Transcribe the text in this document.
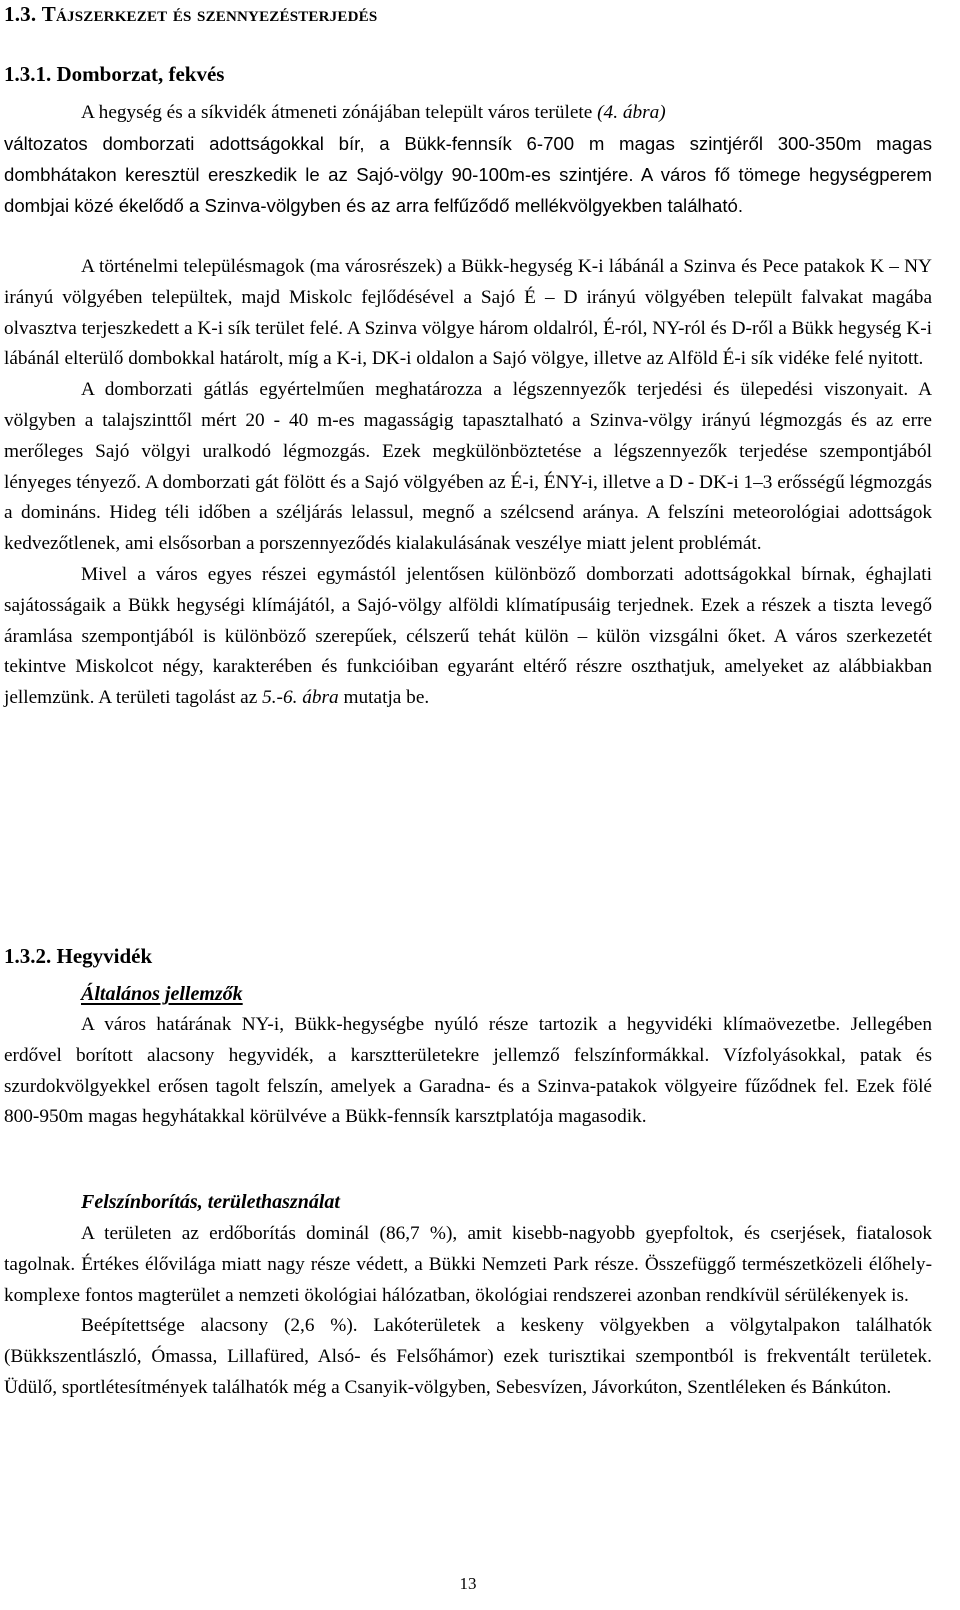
1.3. Tájszerkezet és szennyezésterjedés
1.3.1. Domborzat, fekvés

A hegység és a síkvidék átmeneti zónájában települt város területe (4. ábra)

változatos domborzati adottságokkal bír, a Bükk-fennsík 6-700 m magas szintjéről 300-350m magas dombhátakon keresztül ereszkedik le az Sajó-völgy 90-100m-es szintjére. A város fő tömege hegységperem dombjai közé ékelődő a Szinva-völgyben és az arra felfűződő mellékvölgyekben található.

A történelmi településmagok (ma városrészek) a Bükk-hegység K-i lábánál a Szinva és Pece patakok K – NY irányú völgyében települtek, majd Miskolc fejlődésével a Sajó É – D irányú völgyében települt falvakat magába olvasztva terjeszkedett a K-i sík terület felé. A Szinva völgye három oldalról, É-ról, NY-ról és D-ről a Bükk hegység K-i lábánál elterülő dombokkal határolt, míg a K-i, DK-i oldalon a Sajó völgye, illetve az Alföld É-i sík vidéke felé nyitott.

A domborzati gátlás egyértelműen meghatározza a légszennyezők terjedési és ülepedési viszonyait. A völgyben a talajszinttől mért 20 - 40 m-es magasságig tapasztalható a Szinva-völgy irányú légmozgás és az erre merőleges Sajó völgyi uralkodó légmozgás. Ezek megkülönböztetése a légszennyezők terjedése szempontjából lényeges tényező. A domborzati gát fölött és a Sajó völgyében az É-i, ÉNY-i, illetve a D - DK-i 1–3 erősségű légmozgás a domináns. Hideg téli időben a széljárás lelassul, megnő a szélcsend aránya. A felszíni meteorológiai adottságok kedvezőtlenek, ami elsősorban a porszennyeződés kialakulásának veszélye miatt jelent problémát.

Mivel a város egyes részei egymástól jelentősen különböző domborzati adottságokkal bírnak, éghajlati sajátosságaik a Bükk hegységi klímájától, a Sajó-völgy alföldi klímatípusáig terjednek. Ezek a részek a tiszta levegő áramlása szempontjából is különböző szerepűek, célszerű tehát külön – külön vizsgálni őket. A város szerkezetét tekintve Miskolcot négy, karakterében és funkcióiban egyaránt eltérő részre oszthatjuk, amelyeket az alábbiakban jellemzünk. A területi tagolást az 5.-6. ábra mutatja be.

1.3.2. Hegyvidék
Általános jellemzők

A város határának NY-i, Bükk-hegységbe nyúló része tartozik a hegyvidéki klímaövezetbe. Jellegében erdővel borított alacsony hegyvidék, a karsztterületekre jellemző felszínformákkal. Vízfolyásokkal, patak és szurdokvölgyekkel erősen tagolt felszín, amelyek a Garadna- és a Szinva-patakok völgyeire fűződnek fel. Ezek fölé 800-950m magas hegyhátakkal körülvéve a Bükk-fennsík karsztplatója magasodik.

Felszínborítás, területhasználat

A területen az erdőborítás dominál (86,7 %), amit kisebb-nagyobb gyepfoltok, és cserjések, fiatalosok tagolnak. Értékes élővilága miatt nagy része védett, a Bükki Nemzeti Park része. Összefüggő természetközeli élőhely-komplexe fontos magterület a nemzeti ökológiai hálózatban, ökológiai rendszerei azonban rendkívül sérülékenyek is.

Beépítettsége alacsony (2,6 %). Lakóterületek a keskeny völgyekben a völgytalpakon találhatók (Bükkszentlászló, Ómassa, Lillafüred, Alsó- és Felsőhámor) ezek turisztikai szempontból is frekventált területek. Üdülő, sportlétesítmények találhatók még a Csanyik-völgyben, Sebesvízen, Jávorkúton, Szentléleken és Bánkúton.

13
